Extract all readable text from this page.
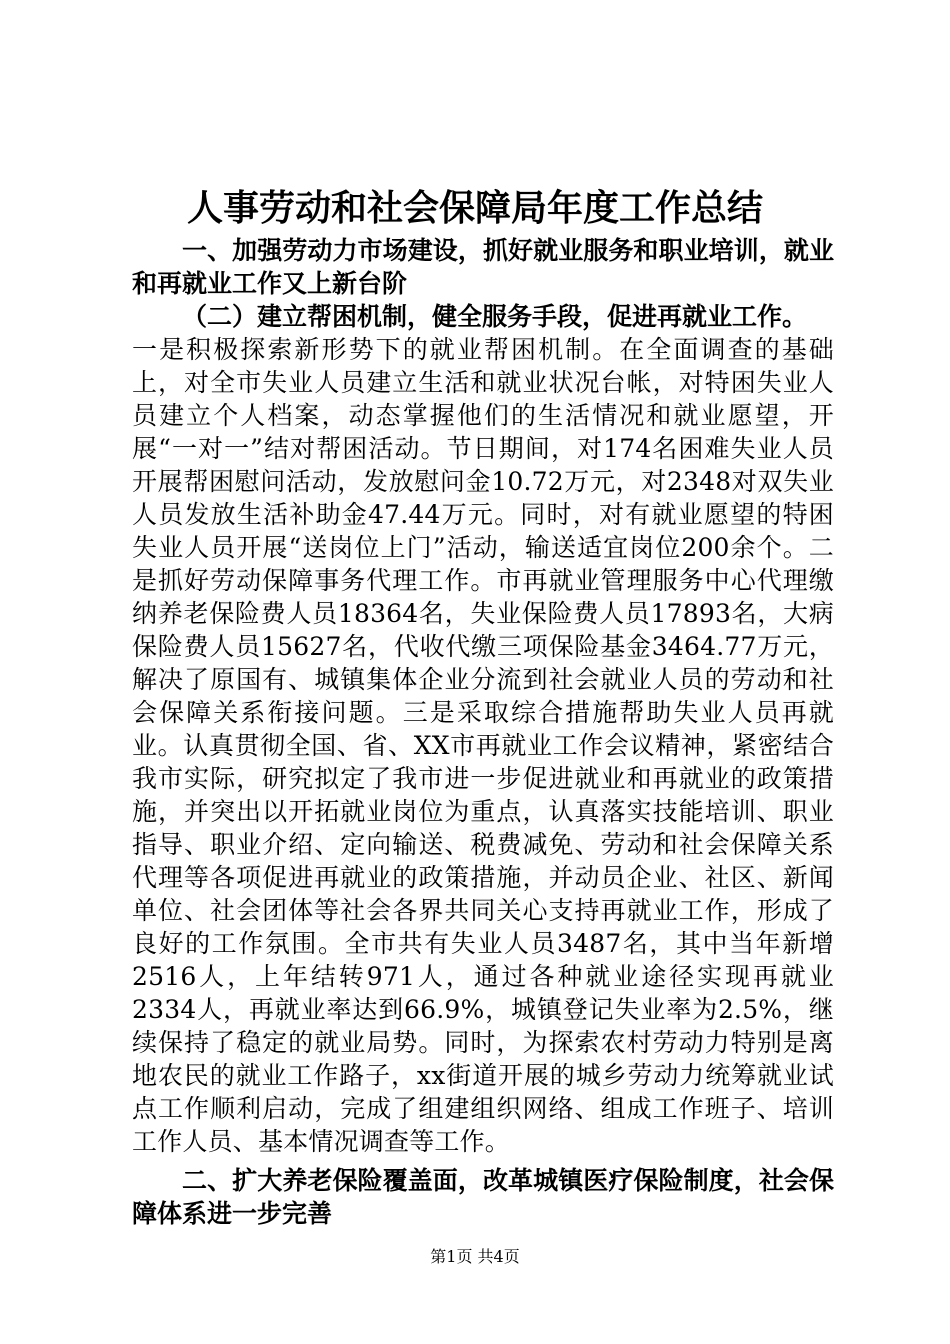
人事劳动和社会保障局年度工作总结

一、加强劳动力市场建设，抓好就业服务和职业培训，就业和再就业工作又上新台阶

（二）建立帮困机制，健全服务手段，促进再就业工作。

一是积极探索新形势下的就业帮困机制。在全面调查的基础上，对全市失业人员建立生活和就业状况台帐，对特困失业人员建立个人档案，动态掌握他们的生活情况和就业愿望，开展“一对一”结对帮困活动。节日期间，对174名困难失业人员开展帮困慰问活动，发放慰问金10.72万元，对2348对双失业人员发放生活补助金47.44万元。同时，对有就业愿望的特困失业人员开展“送岗位上门”活动，输送适宜岗位200余个。二是抓好劳动保障事务代理工作。市再就业管理服务中心代理缴纳养老保险费人员18364名，失业保险费人员17893名，大病保险费人员15627名，代收代缴三项保险基金3464.77万元，解决了原国有、城镇集体企业分流到社会就业人员的劳动和社会保障关系衔接问题。三是采取综合措施帮助失业人员再就业。认真贯彻全国、省、XX市再就业工作会议精神，紧密结合我市实际，研究拟定了我市进一步促进就业和再就业的政策措施，并突出以开拓就业岗位为重点，认真落实技能培训、职业指导、职业介绍、定向输送、税费减免、劳动和社会保障关系代理等各项促进再就业的政策措施，并动员企业、社区、新闻单位、社会团体等社会各界共同关心支持再就业工作，形成了良好的工作氛围。全市共有失业人员3487名，其中当年新增2516人，上年结转971人，通过各种就业途径实现再就业2334人，再就业率达到66.9%，城镇登记失业率为2.5%，继续保持了稳定的就业局势。同时，为探索农村劳动力特别是离地农民的就业工作路子，xx街道开展的城乡劳动力统筹就业试点工作顺利启动，完成了组建组织网络、组成工作班子、培训工作人员、基本情况调查等工作。

二、扩大养老保险覆盖面，改革城镇医疗保险制度，社会保障体系进一步完善

第1页 共4页
